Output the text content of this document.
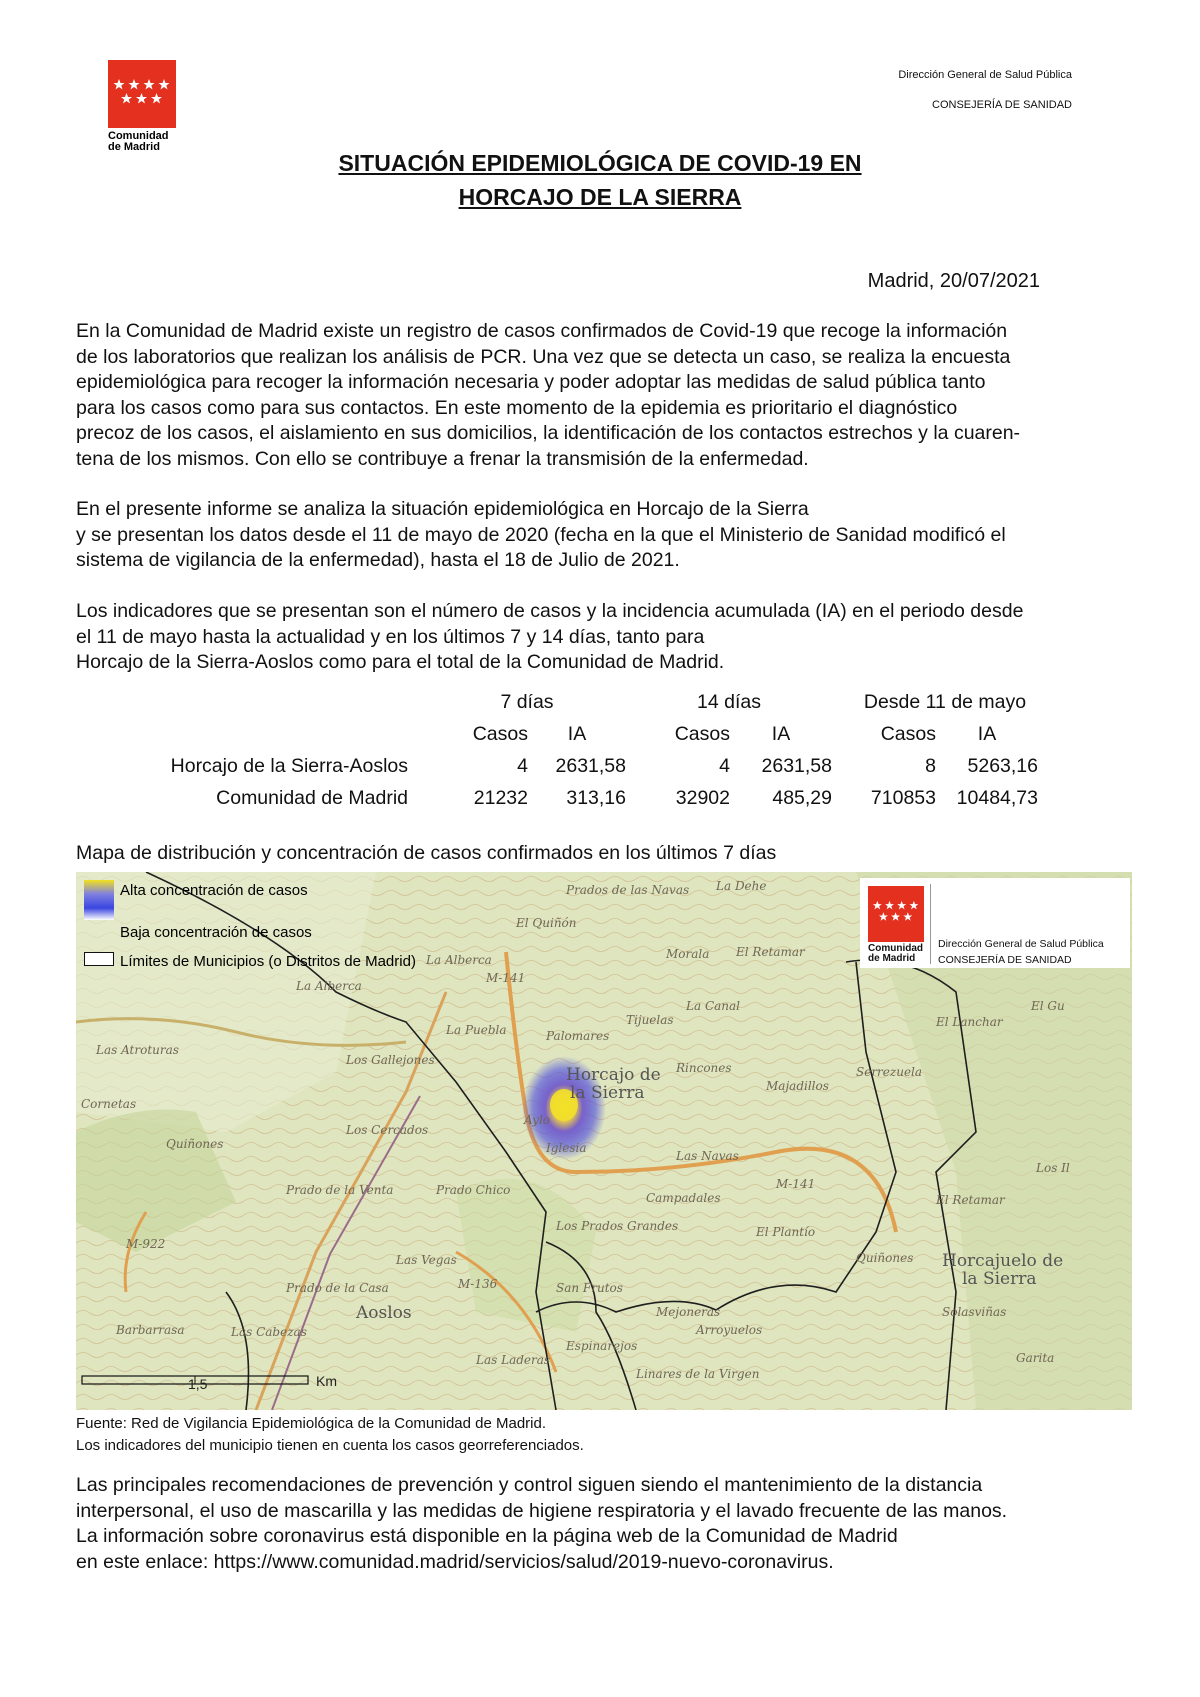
Comunidad
de Madrid
Dirección General de Salud Pública
CONSEJERÍA DE SANIDAD
SITUACIÓN EPIDEMIOLÓGICA DE COVID-19 EN
HORCAJO DE LA SIERRA
Madrid, 20/07/2021

En la Comunidad de Madrid existe un registro de casos confirmados de Covid-19 que recoge la información

de los laboratorios que realizan los análisis de PCR. Una vez que se detecta un caso, se realiza la encuesta

epidemiológica para recoger la información necesaria y poder adoptar las medidas de salud pública tanto

para los casos como para sus contactos. En este momento de la epidemia es prioritario el diagnóstico

precoz de los casos, el aislamiento en sus domicilios, la identificación de los contactos estrechos y la cuaren-

tena de los mismos. Con ello se contribuye a frenar la transmisión de la enfermedad.

En el presente informe se analiza la situación epidemiológica en Horcajo de la Sierra

y se presentan los datos desde el 11 de mayo de 2020 (fecha en la que el Ministerio de Sanidad modificó el

sistema de vigilancia de la enfermedad), hasta el 18 de Julio de 2021.

Los indicadores que se presentan son el número de casos y la incidencia acumulada (IA) en el periodo desde

el 11 de mayo hasta la actualidad y en los últimos 7 y 14 días, tanto para

Horcajo de la Sierra-Aoslos como para el total de la Comunidad de Madrid.

	7 días		14 días		Desde 11 de mayo	
	Casos	IA	Casos	IA	Casos	IA
Horcajo de la Sierra-Aoslos	4	2631,58	4	2631,58	8	5263,16
Comunidad de Madrid	21232	313,16	32902	485,29	710853	10484,73
Mapa de distribución y concentración de casos confirmados en los últimos 7 días
Prados de las Navas La Dehe
El Quiñón
Morala El Retamar
La Alberca
La Alberca
M-141
La Puebla	Palomares
Tijuelas
La Canal
El Lanchar
Las Atroturas
Los Gallejones
Horcajo de
la Sierra
Rincones
Majadillos
Serrezuela
Cornetas
Quiñones
Los Cercados
Aylo
Iglesia
Las Navas
M-141
Prado de la Venta	Prado Chico
Campadales	El Retamar
Los Prados Grandes	El Plantío
Quiñones Horcajuelo de
la Sierra
M-922
Las Vegas
M-136	San Frutos
Prado de la Casa
Aoslos	Mejoneras
Arroyuelos
Solasviñas
Barbarrasa	Las Cabezas
Espinarejos
Las Laderas
Linares de la Virgen
Garita
El Gu
Los Il
1,5	Km
Alta concentración de casos
Baja concentración de casos
Límites de Municipios (o Distritos de Madrid)
Comunidad
de Madrid
Dirección General de Salud Pública
CONSEJERÍA DE SANIDAD
Fuente: Red de Vigilancia Epidemiológica de la Comunidad de Madrid.
Los indicadores del municipio tienen en cuenta los casos georreferenciados.
Las principales recomendaciones de prevención y control siguen siendo el mantenimiento de la distancia
interpersonal, el uso de mascarilla y las medidas de higiene respiratoria y el lavado frecuente de las manos.
La información sobre coronavirus está disponible en la página web de la Comunidad de Madrid
en este enlace: https://www.comunidad.madrid/servicios/salud/2019-nuevo-coronavirus.
